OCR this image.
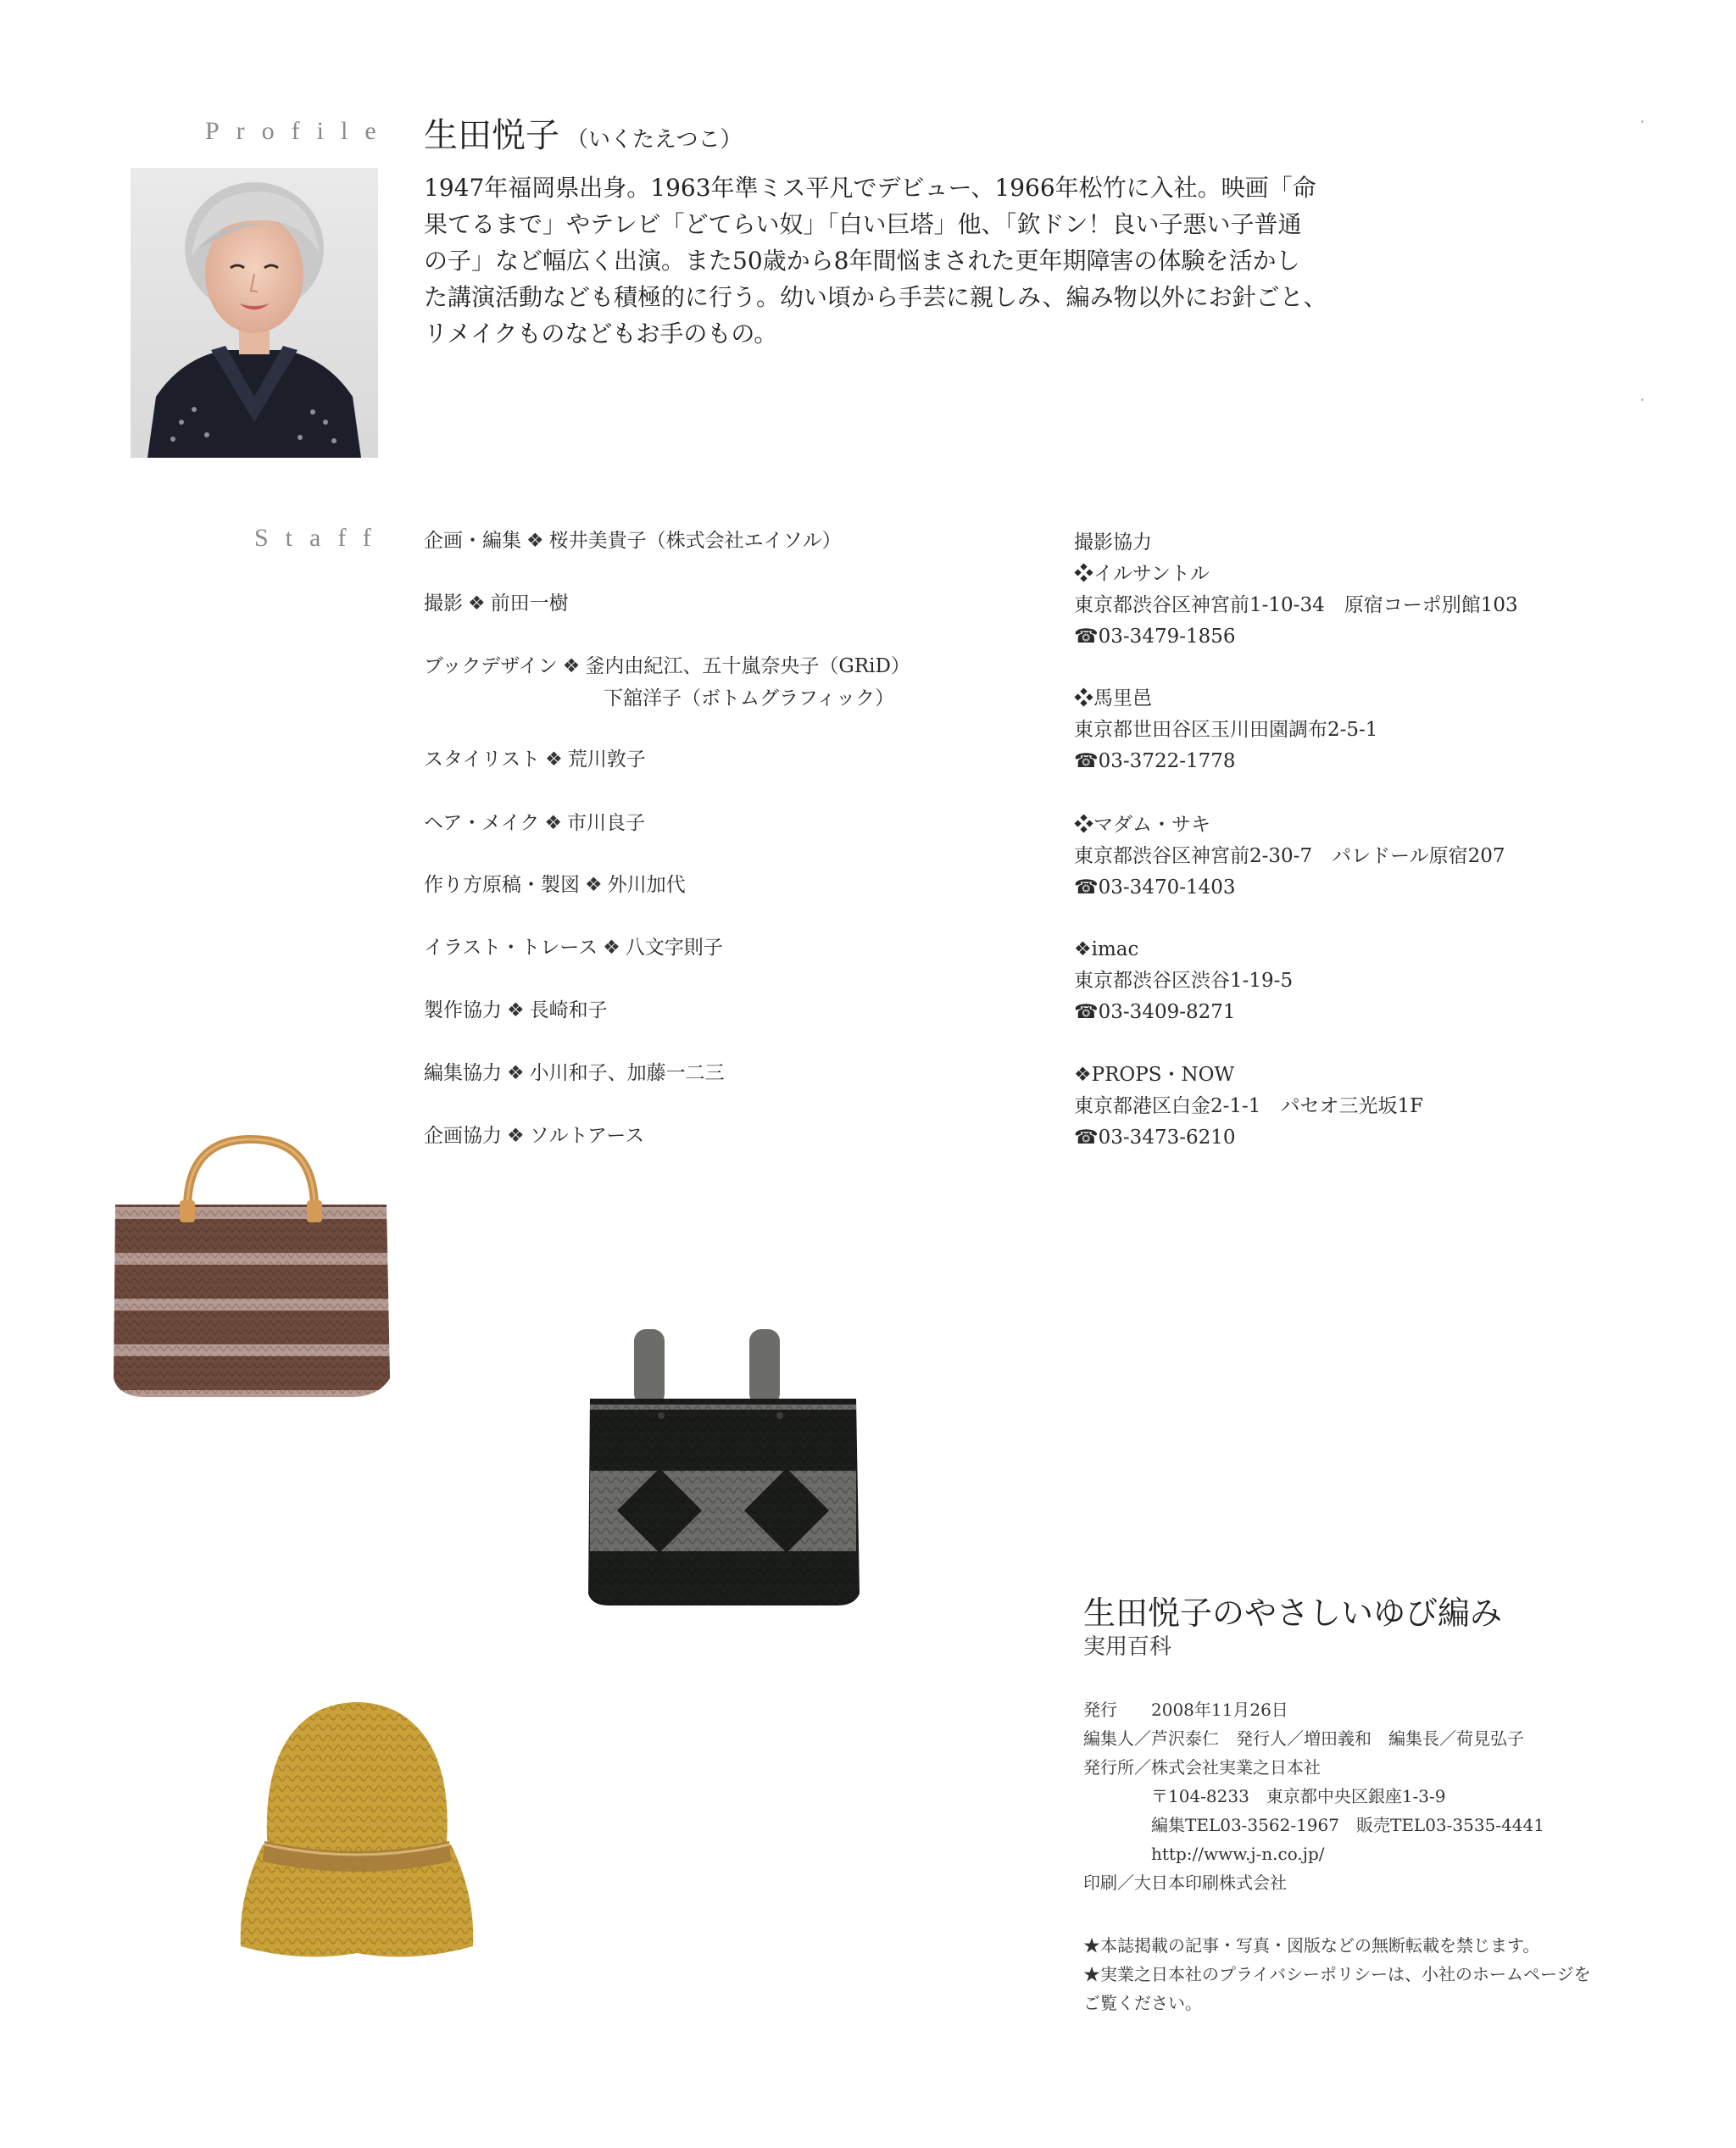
Profile 生田悦子 （いくたえつこ）
1947年福岡県出身。1963年準ミス平凡でデビュー、1966年松竹に入社。映画「命
果てるまで」やテレビ「どてらい奴」「白い巨塔」他、「欽ドン！良い子悪い子普通
の子」など幅広く出演。また50歳から8年間悩まされた更年期障害の体験を活かし
た講演活動なども積極的に行う。幼い頃から手芸に親しみ、編み物以外にお針ごと、
リメイクものなどもお手のもの。
Staff 企画・編集 ❖ 桜井美貴子（株式会社エイソル）
撮影 ❖ 前田一樹
ブックデザイン ❖ 釜内由紀江、五十嵐奈央子（GRiD）
下舘洋子（ボトムグラフィック）
スタイリスト ❖ 荒川敦子
ヘア・メイク ❖ 市川良子
作り方原稿・製図 ❖ 外川加代
イラスト・トレース ❖ 八文字則子
製作協力 ❖ 長崎和子
編集協力 ❖ 小川和子、加藤一二三
企画協力 ❖ ソルトアース
撮影協力
❖イルサントル
東京都渋谷区神宮前1-10-34　原宿コーポ別館103
☎03-3479-1856
❖馬里邑
東京都世田谷区玉川田園調布2-5-1
☎03-3722-1778
❖マダム・サキ
東京都渋谷区神宮前2-30-7　パレドール原宿207
☎03-3470-1403
❖imac
東京都渋谷区渋谷1-19-5
☎03-3409-8271
❖PROPS・NOW
東京都港区白金2-1-1　パセオ三光坂1F
☎03-3473-6210
生田悦子のやさしいゆび編み
実用百科
発行　　2008年11月26日
編集人／芦沢泰仁　発行人／増田義和　編集長／荷見弘子
発行所／株式会社実業之日本社
　　　　〒104-8233　東京都中央区銀座1-3-9
　　　　編集TEL03-3562-1967　販売TEL03-3535-4441
　　　　http://www.j-n.co.jp/
印刷／大日本印刷株式会社
★本誌掲載の記事・写真・図版などの無断転載を禁じます。
★実業之日本社のプライバシーポリシーは、小社のホームページを
ご覧ください。
